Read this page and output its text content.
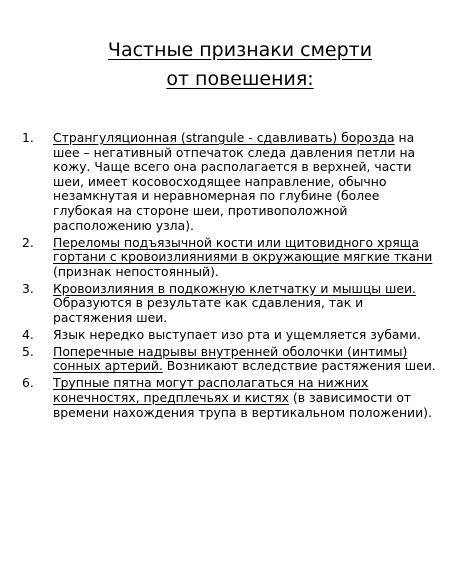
Частные признаки смерти
от повешения:
1.	Странгуляционная (strangule - сдавливать) борозда на шее – негативный отпечаток следа давления петли на кожу. Чаще всего она располагается в верхней, части шеи, имеет косовосходящее направление, обычно незамкнутая и неравномерная по глубине (более глубокая на стороне шеи, противоположной расположению узла).
2.	Переломы подъязычной кости или щитовидного хряща гортани с кровоизлияниями в окружающие мягкие ткани (признак непостоянный).
3.	Кровоизлияния в подкожную клетчатку и мышцы шеи. Образуются в результате как сдавления, так и растяжения шеи.
4.	Язык нередко выступает изо рта и ущемляется зубами.
5.	Поперечные надрывы внутренней оболочки (интимы) сонных артерий. Возникают вследствие растяжения шеи.
6.	Трупные пятна могут располагаться на нижних конечностях, предплечьях и кистях (в зависимости от времени нахождения трупа в вертикальном положении).
